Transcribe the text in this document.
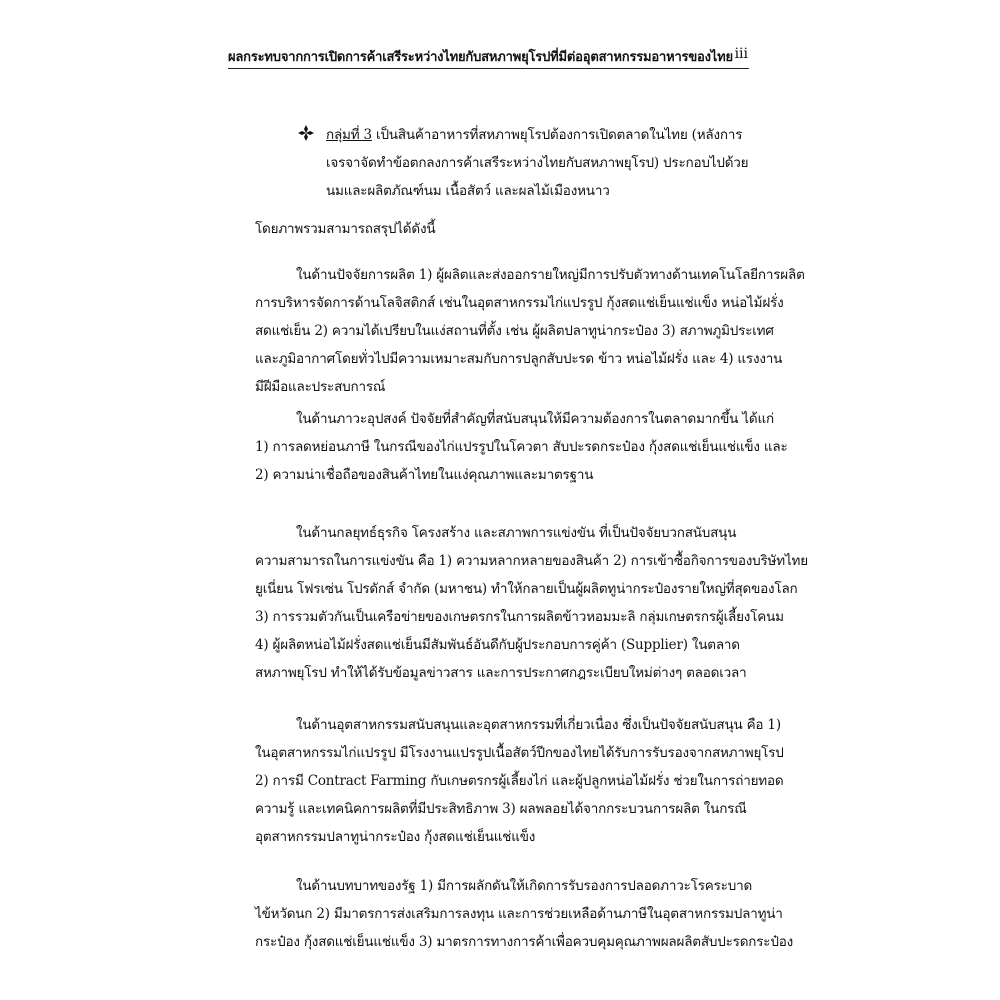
ผลกระทบจากการเปิดการค้าเสรีระหว่างไทยกับสหภาพยุโรปที่มีต่ออุตสาหกรรมอาหารของไทย iii
กลุ่มที่ 3 เป็นสินค้าอาหารที่สหภาพยุโรปต้องการเปิดตลาดในไทย (หลังการ
เจรจาจัดทำข้อตกลงการค้าเสรีระหว่างไทยกับสหภาพยุโรป) ประกอบไปด้วย
นมและผลิตภัณฑ์นม เนื้อสัตว์ และผลไม้เมืองหนาว
โดยภาพรวมสามารถสรุปได้ดังนี้
ในด้านปัจจัยการผลิต 1) ผู้ผลิตและส่งออกรายใหญ่มีการปรับตัวทางด้านเทคโนโลยีการผลิต
การบริหารจัดการด้านโลจิสติกส์ เช่นในอุตสาหกรรมไก่แปรรูป กุ้งสดแช่เย็นแช่แข็ง หน่อไม้ฝรั่ง
สดแช่เย็น 2) ความได้เปรียบในแง่สถานที่ตั้ง เช่น ผู้ผลิตปลาทูน่ากระป๋อง 3) สภาพภูมิประเทศ
และภูมิอากาศโดยทั่วไปมีความเหมาะสมกับการปลูกสับปะรด ข้าว หน่อไม้ฝรั่ง และ 4) แรงงาน
มีฝีมือและประสบการณ์
ในด้านภาวะอุปสงค์ ปัจจัยที่สำคัญที่สนับสนุนให้มีความต้องการในตลาดมากขึ้น ได้แก่
1) การลดหย่อนภาษี ในกรณีของไก่แปรรูปในโควตา สับปะรดกระป๋อง กุ้งสดแช่เย็นแช่แข็ง และ
2) ความน่าเชื่อถือของสินค้าไทยในแง่คุณภาพและมาตรฐาน
ในด้านกลยุทธ์ธุรกิจ โครงสร้าง และสภาพการแข่งขัน ที่เป็นปัจจัยบวกสนับสนุน
ความสามารถในการแข่งขัน คือ 1) ความหลากหลายของสินค้า 2) การเข้าซื้อกิจการของบริษัทไทย
ยูเนี่ยน โฟรเซ่น โปรดักส์ จำกัด (มหาชน) ทำให้กลายเป็นผู้ผลิตทูน่ากระป๋องรายใหญ่ที่สุดของโลก
3) การรวมตัวกันเป็นเครือข่ายของเกษตรกรในการผลิตข้าวหอมมะลิ กลุ่มเกษตรกรผู้เลี้ยงโคนม
4) ผู้ผลิตหน่อไม้ฝรั่งสดแช่เย็นมีสัมพันธ์อันดีกับผู้ประกอบการคู่ค้า (Supplier) ในตลาด
สหภาพยุโรป ทำให้ได้รับข้อมูลข่าวสาร และการประกาศกฎระเบียบใหม่ต่างๆ ตลอดเวลา
ในด้านอุตสาหกรรมสนับสนุนและอุตสาหกรรมที่เกี่ยวเนื่อง ซึ่งเป็นปัจจัยสนับสนุน คือ 1)
ในอุตสาหกรรมไก่แปรรูป มีโรงงานแปรรูปเนื้อสัตว์ปีกของไทยได้รับการรับรองจากสหภาพยุโรป
2) การมี Contract Farming กับเกษตรกรผู้เลี้ยงไก่ และผู้ปลูกหน่อไม้ฝรั่ง ช่วยในการถ่ายทอด
ความรู้ และเทคนิคการผลิตที่มีประสิทธิภาพ 3) ผลพลอยได้จากกระบวนการผลิต ในกรณี
อุตสาหกรรมปลาทูน่ากระป๋อง กุ้งสดแช่เย็นแช่แข็ง
ในด้านบทบาทของรัฐ 1) มีการผลักดันให้เกิดการรับรองการปลอดภาวะโรคระบาด
ไข้หวัดนก 2) มีมาตรการส่งเสริมการลงทุน และการช่วยเหลือด้านภาษีในอุตสาหกรรมปลาทูน่า
กระป๋อง กุ้งสดแช่เย็นแช่แข็ง 3) มาตรการทางการค้าเพื่อควบคุมคุณภาพผลผลิตสับปะรดกระป๋อง
